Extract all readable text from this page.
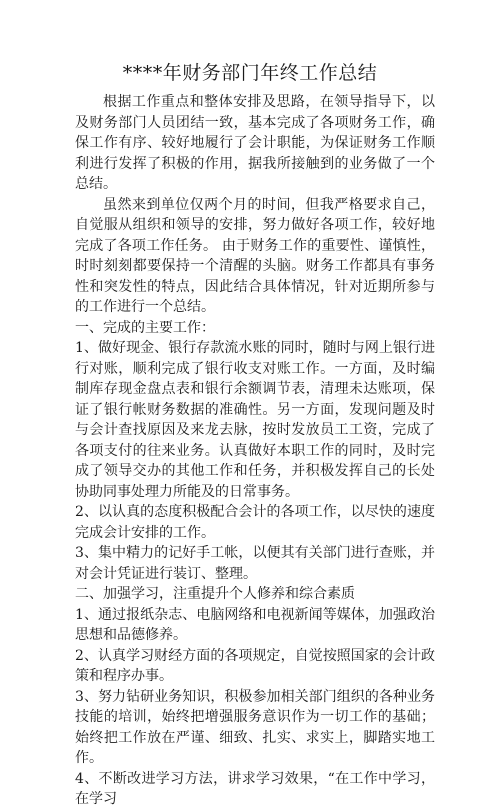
****年财务部门年终工作总结

根据工作重点和整体安排及思路，在领导指导下，以及财务部门人员团结一致，基本完成了各项财务工作，确保工作有序、较好地履行了会计职能，为保证财务工作顺利进行发挥了积极的作用，据我所接触到的业务做了一个总结。

虽然来到单位仅两个月的时间，但我严格要求自己，自觉服从组织和领导的安排，努力做好各项工作，较好地完成了各项工作任务。 由于财务工作的重要性、谨慎性，时时刻刻都要保持一个清醒的头脑。财务工作都具有事务性和突发性的特点，因此结合具体情况，针对近期所参与的工作进行一个总结。

一、完成的主要工作：

1、做好现金、银行存款流水账的同时，随时与网上银行进行对账，顺利完成了银行收支对账工作。一方面，及时编制库存现金盘点表和银行余额调节表，清理未达账项，保证了银行帐财务数据的准确性。另一方面，发现问题及时与会计查找原因及来龙去脉，按时发放员工工资，完成了各项支付的往来业务。认真做好本职工作的同时，及时完成了领导交办的其他工作和任务，并积极发挥自己的长处协助同事处理力所能及的日常事务。

2、以认真的态度积极配合会计的各项工作，以尽快的速度完成会计安排的工作。

3、集中精力的记好手工帐，以便其有关部门进行查账，并对会计凭证进行装订、整理。

二、加强学习，注重提升个人修养和综合素质

1、通过报纸杂志、电脑网络和电视新闻等媒体，加强政治思想和品德修养。

2、认真学习财经方面的各项规定，自觉按照国家的会计政策和程序办事。

3、努力钻研业务知识，积极参加相关部门组织的各种业务技能的培训，始终把增强服务意识作为一切工作的基础；始终把工作放在严谨、细致、扎实、求实上，脚踏实地工作。

4、不断改进学习方法，讲求学习效果，“在工作中学习，在学习
